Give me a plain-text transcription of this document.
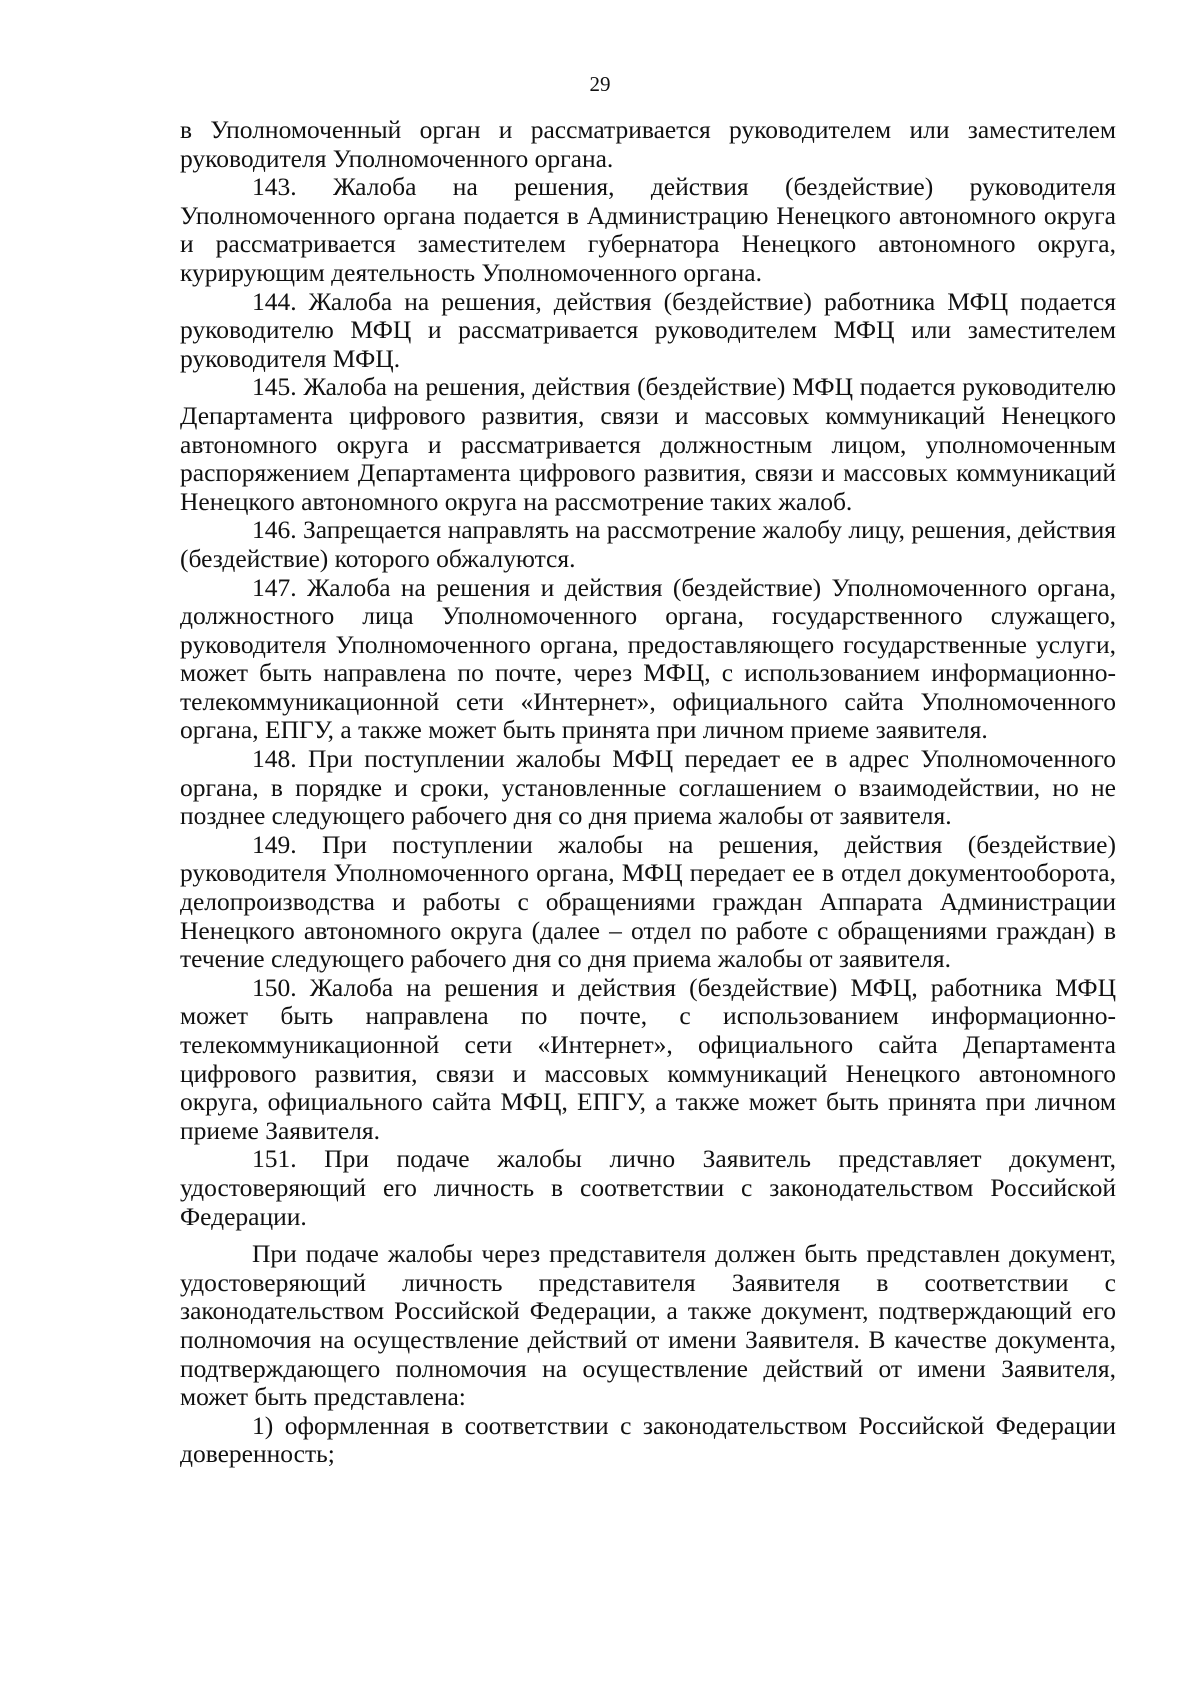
29

в Уполномоченный орган и рассматривается руководителем или заместителем руководителя Уполномоченного органа.

143. Жалоба на решения, действия (бездействие) руководителя Уполномоченного органа подается в Администрацию Ненецкого автономного округа и рассматривается заместителем губернатора Ненецкого автономного округа, курирующим деятельность Уполномоченного органа.

144. Жалоба на решения, действия (бездействие) работника МФЦ подается руководителю МФЦ и рассматривается руководителем МФЦ или заместителем руководителя МФЦ.

145. Жалоба на решения, действия (бездействие) МФЦ подается руководителю Департамента цифрового развития, связи и массовых коммуникаций Ненецкого автономного округа и рассматривается должностным лицом, уполномоченным распоряжением Департамента цифрового развития, связи и массовых коммуникаций Ненецкого автономного округа на рассмотрение таких жалоб.

146. Запрещается направлять на рассмотрение жалобу лицу, решения, действия (бездействие) которого обжалуются.

147. Жалоба на решения и действия (бездействие) Уполномоченного органа, должностного лица Уполномоченного органа, государственного служащего, руководителя Уполномоченного органа, предоставляющего государственные услуги, может быть направлена по почте, через МФЦ, с использованием информационно-телекоммуникационной сети «Интернет», официального сайта Уполномоченного органа, ЕПГУ, а также может быть принята при личном приеме заявителя.

148. При поступлении жалобы МФЦ передает ее в адрес Уполномоченного органа, в порядке и сроки, установленные соглашением о взаимодействии, но не позднее следующего рабочего дня со дня приема жалобы от заявителя.

149. При поступлении жалобы на решения, действия (бездействие) руководителя Уполномоченного органа, МФЦ передает ее в отдел документооборота, делопроизводства и работы с обращениями граждан Аппарата Администрации Ненецкого автономного округа (далее – отдел по работе с обращениями граждан) в течение следующего рабочего дня со дня приема жалобы от заявителя.

150. Жалоба на решения и действия (бездействие) МФЦ, работника МФЦ может быть направлена по почте, с использованием информационно-телекоммуникационной сети «Интернет», официального сайта Департамента цифрового развития, связи и массовых коммуникаций Ненецкого автономного округа, официального сайта МФЦ, ЕПГУ, а также может быть принята при личном приеме Заявителя.

151. При подаче жалобы лично Заявитель представляет документ, удостоверяющий его личность в соответствии с законодательством Российской Федерации.

При подаче жалобы через представителя должен быть представлен документ, удостоверяющий личность представителя Заявителя в соответствии с законодательством Российской Федерации, а также документ, подтверждающий его полномочия на осуществление действий от имени Заявителя. В качестве документа, подтверждающего полномочия на осуществление действий от имени Заявителя, может быть представлена:

1) оформленная в соответствии с законодательством Российской Федерации доверенность;
